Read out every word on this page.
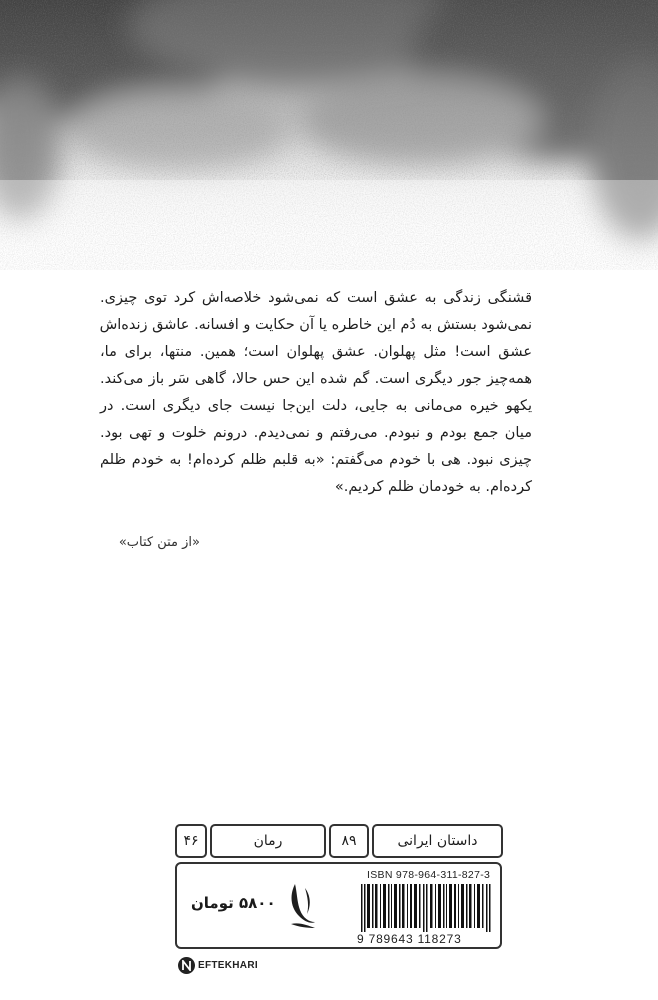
قشنگی زندگی به عشق است که نمی‌شود خلاصه‌اش کرد توی چیزی.
نمی‌شود بستش به دُم این خاطره یا آن حکایت و افسانه. عاشق زنده‌اش
عشق است! مثل پهلوان. عشق پهلوان است؛ همین. منتها، برای ما،
همه‌چیز جور دیگری است. گم شده این حس حالا، گاهی سَر باز می‌کند.
یکهو خیره می‌مانی به جایی، دلت این‌جا نیست جای دیگری است. در
میان جمع بودم و نبودم. می‌رفتم و نمی‌دیدم. درونم خلوت و تهی بود.
چیزی نبود. هی با خودم می‌گفتم: «به قلبم ظلم کرده‌ام! به خودم ظلم
کرده‌ام. به خودمان ظلم کردیم.»
«از متن کتاب»
داستان ایرانی
۸۹
رمان
۴۶
۵۸۰۰ تومان
ISBN 978-964-311-827-3
9 789643 118273
EFTEKHARI
